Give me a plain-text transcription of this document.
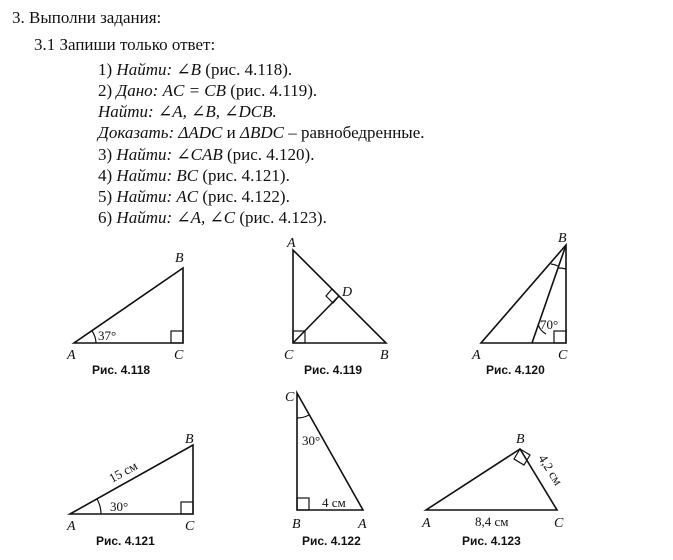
3. Выполни задания:
3.1 Запиши только ответ:
1) Найти: ∠B (рис. 4.118).
2) Дано: AC = CB (рис. 4.119).
Найти: ∠A, ∠B, ∠DCB.
Доказать: ΔADC и ΔBDC – равнобедренные.
3) Найти: ∠CAB (рис. 4.120).
4) Найти: BC (рис. 4.121).
5) Найти: AC (рис. 4.122).
6) Найти: ∠A, ∠C (рис. 4.123).
A
B
C
37°
Рис. 4.118
A
B
C
D
Рис. 4.119
A
B
C
70°
Рис. 4.120
A
B
C
30°
15 см
Рис. 4.121
C
B	A
30°
4 см
Рис. 4.122
A
B
C
8,4 см
4,2 см
Рис. 4.123
